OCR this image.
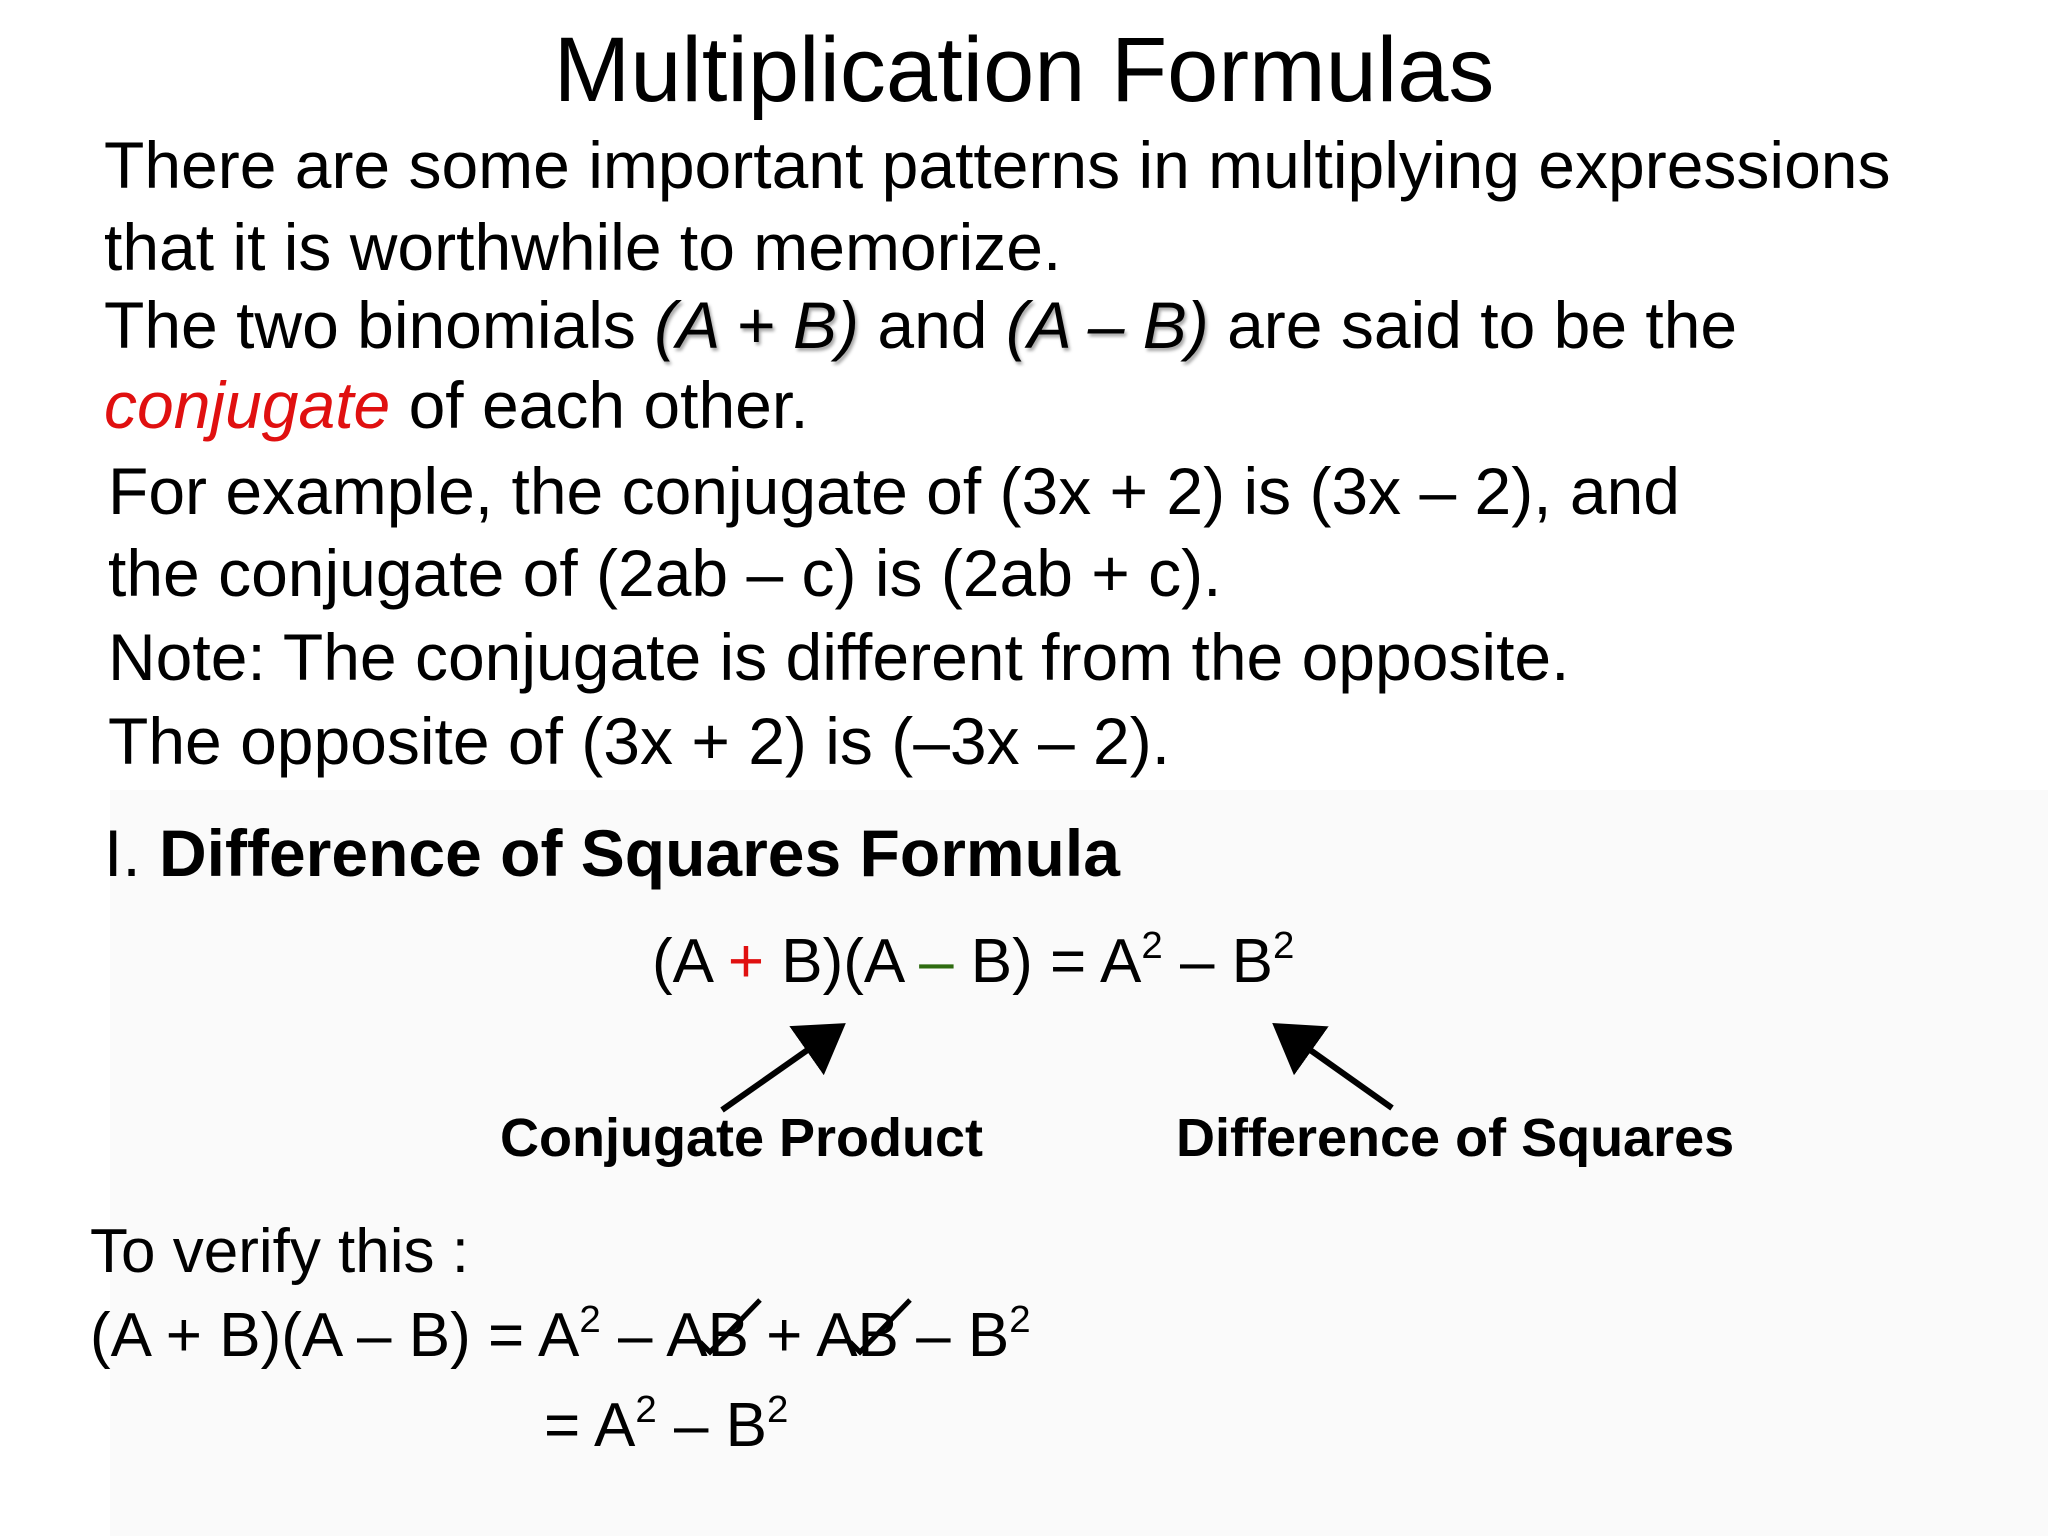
Multiplication Formulas
There are some important patterns in multiplying expressions
that it is worthwhile to memorize.
The two binomials (A + B) and (A – B) are said to be the
conjugate of each other.
For example, the conjugate of (3x + 2) is (3x – 2), and
the conjugate of (2ab – c) is (2ab + c).
Note: The conjugate is different from the opposite.
The opposite of (3x + 2) is (–3x – 2).
I. Difference of Squares Formula
$(A + B)(A - B) = A^2 - B^2$
Conjugate Product	Difference of Squares
To verify this :
$(A + B)(A - B) = A^2$ – AB
+ AB
– $B^2$
= $A^2 - B^2$
